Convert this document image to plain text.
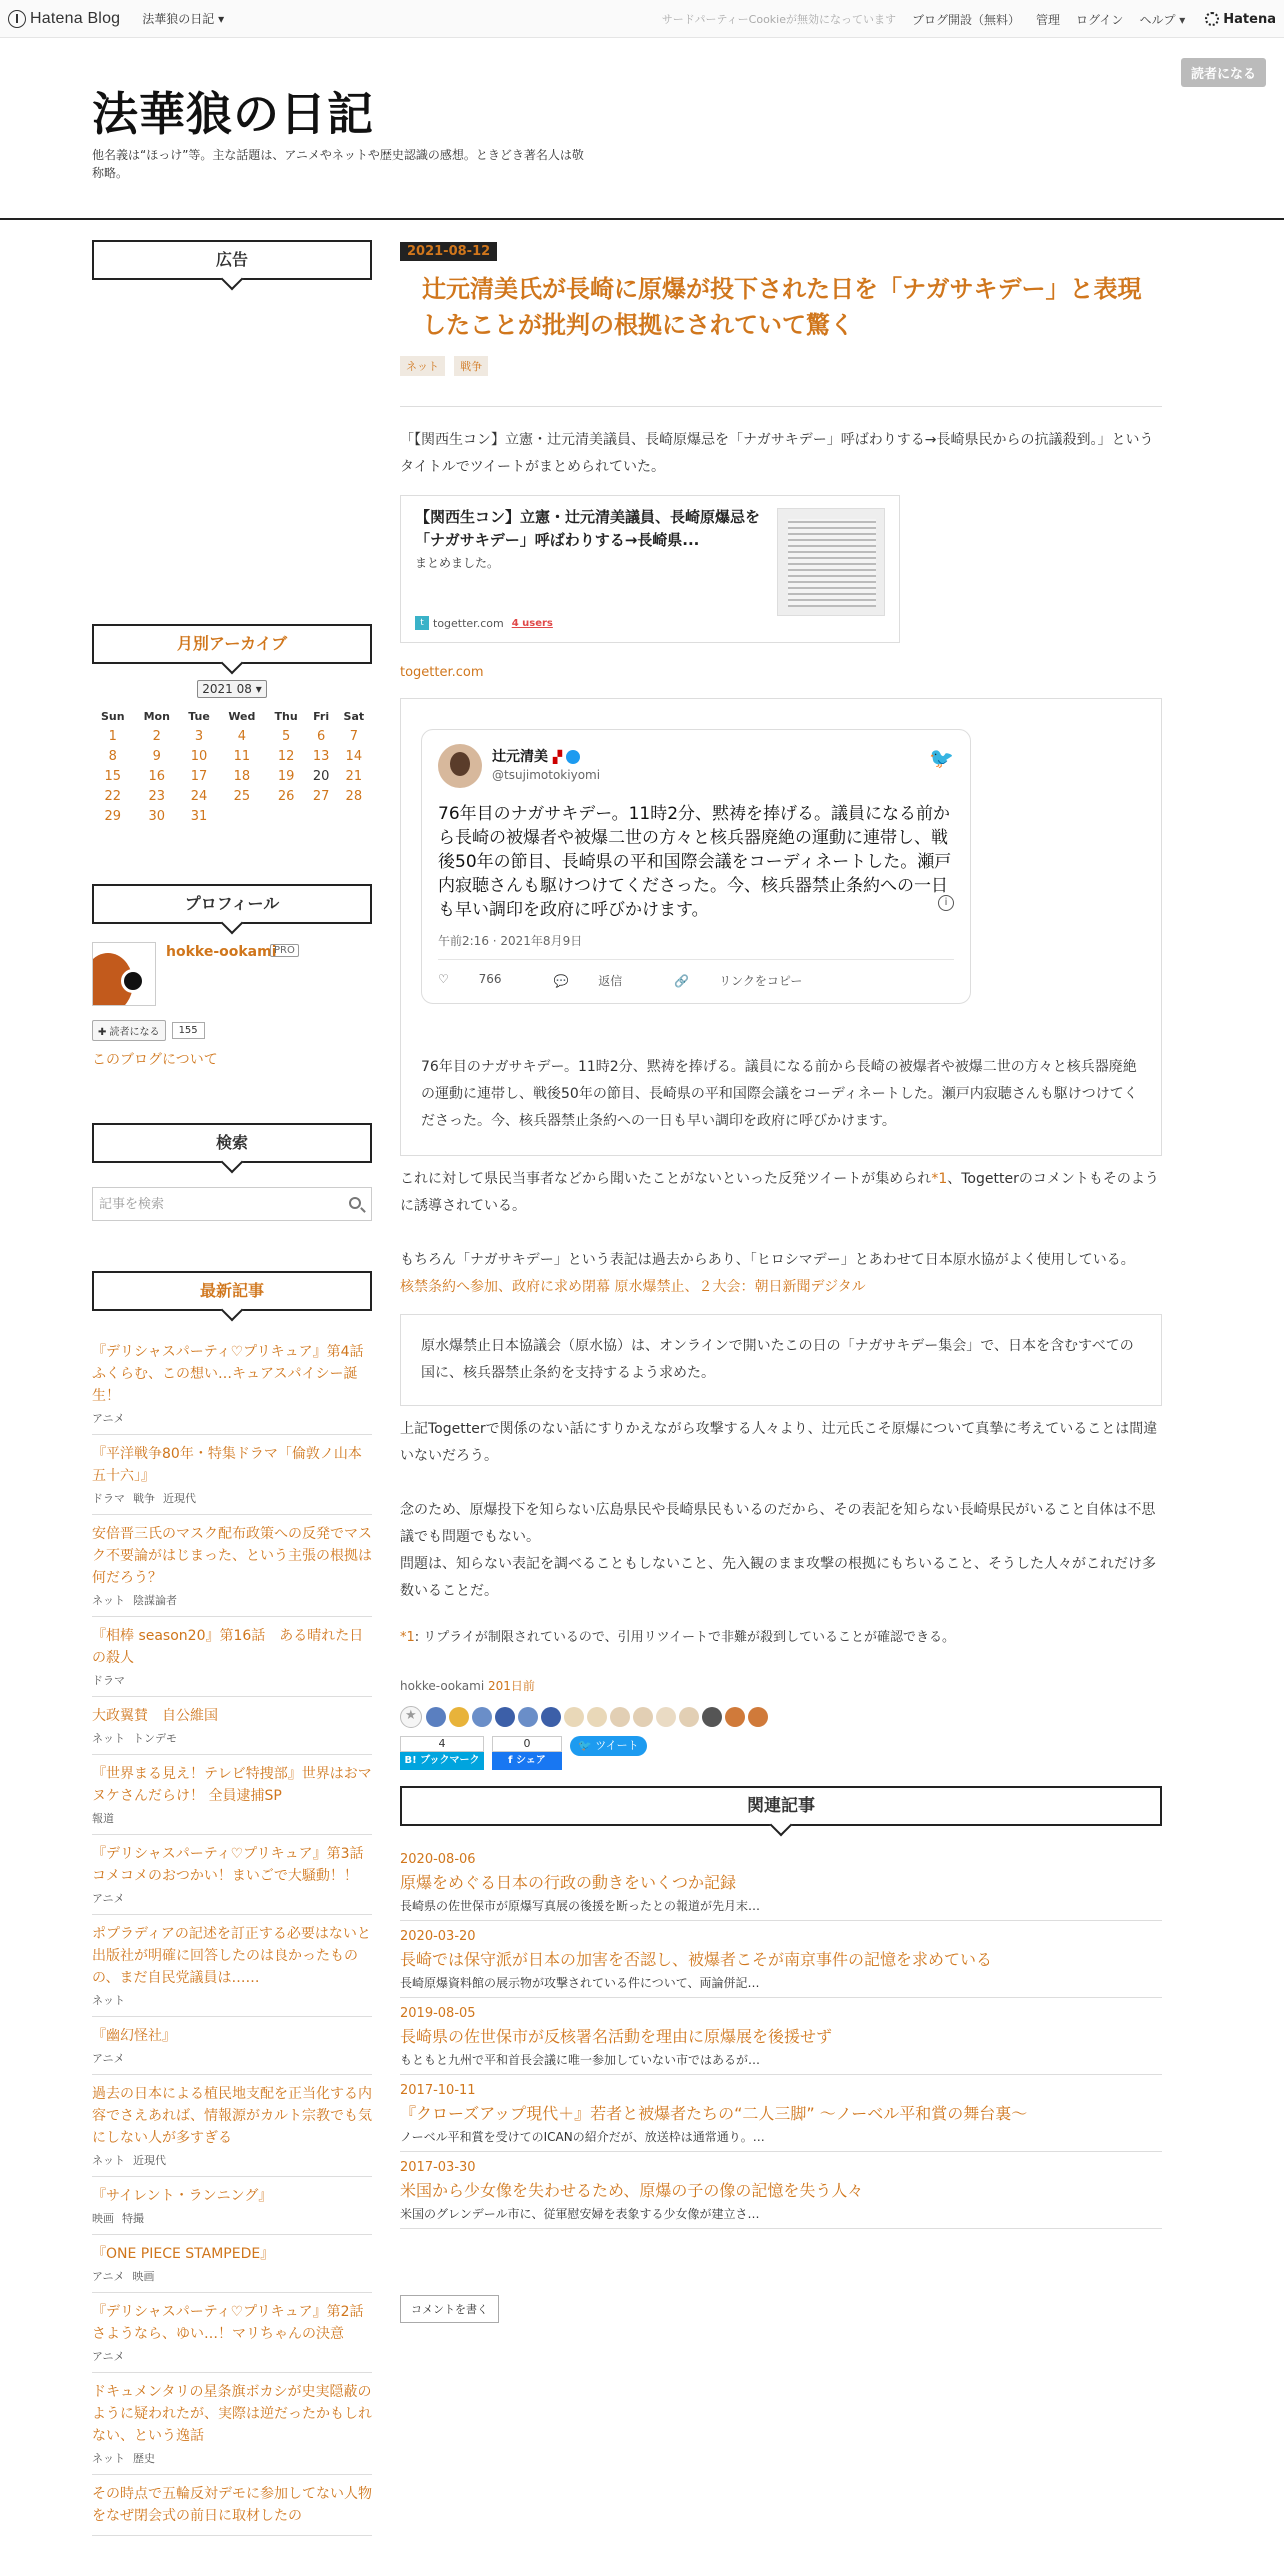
Hatena Blog 法華狼の日記 ▾	サードパーティーCookieが無効になっています ブログ開設（無料） 管理 ログイン ヘルプ ▾	Hatena
法華狼の日記
他名義は“ほっけ”等。主な話題は、アニメやネットや歴史認識の感想。ときどき著名人は敬称略。
読者になる
広告
月別アーカイブ
2021 08 ▾
Sun	Mon	Tue	Wed	Thu	Fri	Sat
1	2	3	4	5	6	7
8	9	10	11	12	13	14
15	16	17	18	19	20	21
22	23	24	25	26	27	28
29	30	31				
プロフィール
hokke-ookami
PRO
✚ 読者になる	155
このブログについて
検索
記事を検索
最新記事
『デリシャスパーティ♡プリキュア』第4話　ふくらむ、この想い…キュアスパイシー誕生！
アニメ
『平洋戦争80年・特集ドラマ「倫敦ノ山本五十六」』
ドラマ 戦争 近現代
安倍晋三氏のマスク配布政策への反発でマスク不要論がはじまった、という主張の根拠は何だろう？
ネット 陰謀論者
『相棒 season20』第16話　ある晴れた日の殺人
ドラマ
大政翼賛　自公維国
ネット トンデモ
『世界まる見え！テレビ特捜部』世界はおマヌケさんだらけ！ 全員逮捕SP
報道
『デリシャスパーティ♡プリキュア』第3話　コメコメのおつかい！まいごで大騒動！！
アニメ
ポプラディアの記述を訂正する必要はないと出版社が明確に回答したのは良かったものの、まだ自民党議員は……
ネット
『幽幻怪社』
アニメ
過去の日本による植民地支配を正当化する内容でさえあれば、情報源がカルト宗教でも気にしない人が多すぎる
ネット 近現代
『サイレント・ランニング』
映画 特撮
『ONE PIECE STAMPEDE』
アニメ 映画
『デリシャスパーティ♡プリキュア』第2話　さようなら、ゆい…！マリちゃんの決意
アニメ
ドキュメンタリの星条旗ボカシが史実隠蔽のように疑われたが、実際は逆だったかもしれない、という逸話
ネット 歴史
その時点で五輪反対デモに参加してない人物をなぜ閉会式の前日に取材したの
2021-08-12
辻元清美氏が長崎に原爆が投下された日を「ナガサキデー」と表現したことが批判の根拠にされていて驚く
ネット 戦争

「【関西生コン】立憲・辻元清美議員、長崎原爆忌を「ナガサキデー」呼ばわりする→長崎県民からの抗議殺到。」というタイトルでツイートがまとめられていた。

【関西生コン】立憲・辻元清美議員、長崎原爆忌を「ナガサキデー」呼ばわりする→長崎県...
まとめました。
t togetter.com 4 users
togetter.com
辻元清美 ▞
@tsujimotokiyomi
🐦
76年目のナガサキデー。11時2分、黙祷を捧げる。議員になる前から長崎の被爆者や被爆二世の方々と核兵器廃絶の運動に連帯し、戦後50年の節目、長崎県の平和国際会議をコーディネートした。瀬戸内寂聴さんも駆けつけてくださった。今、核兵器禁止条約への一日も早い調印を政府に呼びかけます。
午前2:16 · 2021年8月9日
i
♡ 766	💬 返信	🔗 リンクをコピー

76年目のナガサキデー。11時2分、黙祷を捧げる。議員になる前から長崎の被爆者や被爆二世の方々と核兵器廃絶の運動に連帯し、戦後50年の節目、長崎県の平和国際会議をコーディネートした。瀬戸内寂聴さんも駆けつけてくださった。今、核兵器禁止条約への一日も早い調印を政府に呼びかけます。

これに対して県民当事者などから聞いたことがないといった反発ツイートが集められ*1、Togetterのコメントもそのように誘導されている。

もちろん「ナガサキデー」という表記は過去からあり、「ヒロシマデー」とあわせて日本原水協がよく使用している。

核禁条約へ参加、政府に求め閉幕 原水爆禁止、２大会：朝日新聞デジタル
原水爆禁止日本協議会（原水協）は、オンラインで開いたこの日の「ナガサキデー集会」で、日本を含むすべての国に、核兵器禁止条約を支持するよう求めた。

上記Togetterで関係のない話にすりかえながら攻撃する人々より、辻元氏こそ原爆について真摯に考えていることは間違いないだろう。

念のため、原爆投下を知らない広島県民や長崎県民もいるのだから、その表記を知らない長崎県民がいること自体は不思議でも問題でもない。

問題は、知らない表記を調べることもしないこと、先入観のまま攻撃の根拠にもちいること、そうした人々がこれだけ多数いることだ。

*1: リプライが制限されているので、引用リツイートで非難が殺到していることが確認できる。

hokke-ookami 201日前
★
4
B! ブックマーク
0
f シェア
🐦 ツイート
関連記事
2020-08-06
原爆をめぐる日本の行政の動きをいくつか記録
長崎県の佐世保市が原爆写真展の後援を断ったとの報道が先月末…
2020-03-20
長崎では保守派が日本の加害を否認し、被爆者こそが南京事件の記憶を求めている
長崎原爆資料館の展示物が攻撃されている件について、両論併記…
2019-08-05
長崎県の佐世保市が反核署名活動を理由に原爆展を後援せず
もともと九州で平和首長会議に唯一参加していない市ではあるが…
2017-10-11
『クローズアップ現代＋』若者と被爆者たちの“二人三脚” 〜ノーベル平和賞の舞台裏〜
ノーベル平和賞を受けてのICANの紹介だが、放送枠は通常通り。…
2017-03-30
米国から少女像を失わせるため、原爆の子の像の記憶を失う人々
米国のグレンデール市に、従軍慰安婦を表象する少女像が建立さ…
コメントを書く
